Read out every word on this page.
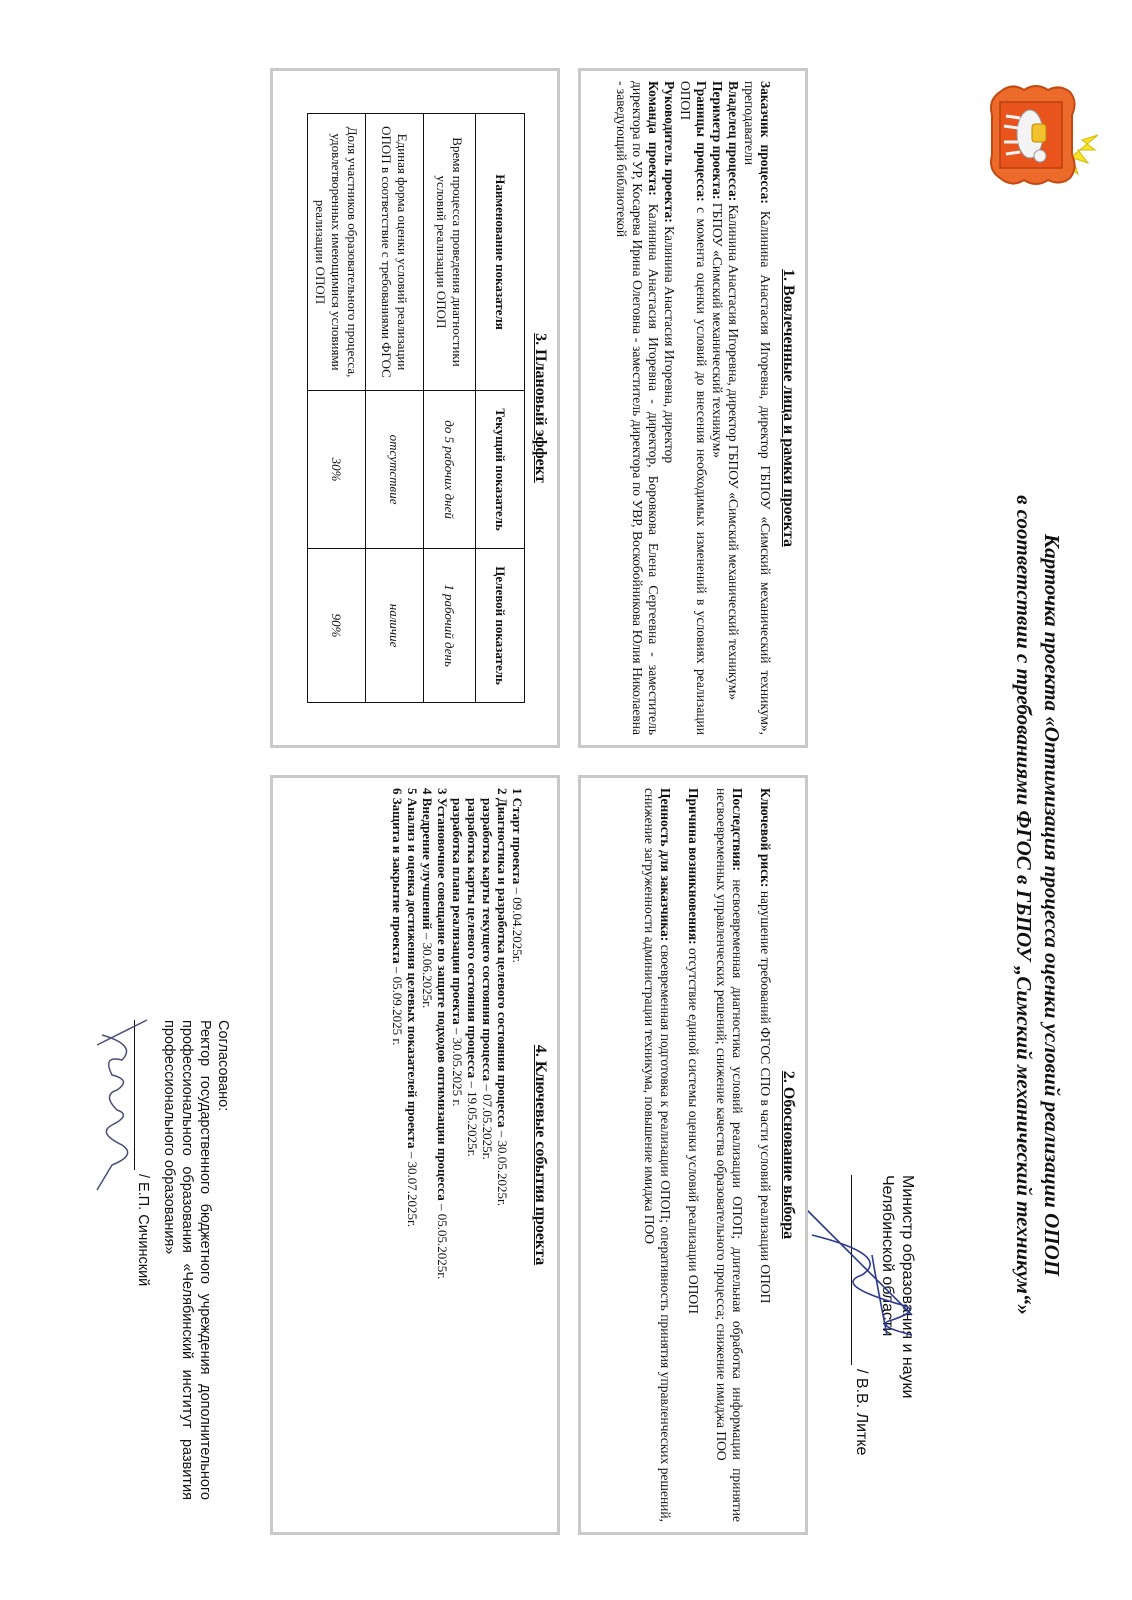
Карточка проекта «Оптимизация процесса оценки условий реализации ОПОП
в соответствии с требованиями ФГОС в ГБПОУ „Симский механический техникум“»
Министр образования и науки
Челябинской области
/ В.В. Литке
1. Вовлеченные лица и рамки проекта

Заказчик процесса: Калинина Анастасия Игоревна, директор ГБПОУ «Симский механический техникум», преподаватели

Владелец процесса: Калинина Анастасия Игоревна, директор ГБПОУ «Симский механический техникум»

Периметр проекта: ГБПОУ «Симский механический техникум»

Границы процесса: с момента оценки условий до внесения необходимых изменений в условиях реализации ОПОП

Руководитель проекта: Калинина Анастасия Игоревна, директор

Команда проекта: Калинина Анастасия Игоревна - директор, Боровкова Елена Сергеевна - заместитель директора по УР, Косарева Ирина Олеговна - заместитель директора по УВР, Воскобойникова Юлия Николаевна - заведующий библиотекой

2. Обоснование выбора

Ключевой риск: нарушение требований ФГОС СПО в части условий реализации ОПОП

Последствия: несвоевременная диагностика условий реализации ОПОП; длительная обработка информации принятие несвоевременных управленческих решений; снижение качества образовательного процесса; снижение имиджа ПОО

Причина возникновения: отсутствие единой системы оценки условий реализации ОПОП

Ценность для заказчика: своевременная подготовка к реализации ОПОП; оперативность принятия управленческих решений, снижение загруженности администрации техникума, повышение имиджа ПОО

3. Плановый эффект
Наименование показателя	Текущий показатель	Целевой показатель
Время процесса проведения диагностики условий реализации ОПОП	до 5 рабочих дней	1 рабочий день
Единая форма оценки условий реализации ОПОП в соответствие с требованиями ФГОС	отсутствие	наличие
Доля участников образовательного процесса, удовлетворенных имеющимися условиями реализации ОПОП	30%	90%
4. Ключевые события проекта

1 Старт проекта – 09.04.2025г.

2 Диагностика и разработка целевого состояния процесса – 30.05.2025г.

разработка карты текущего состояния процесса – 07.05.2025г.

разработка карты целевого состояния процесса – 19.05.2025г.

разработка плана реализации проекта – 30.05.2025 г.

3 Установочное совещание по защите подходов оптимизации процесса – 05.05.2025г.

4 Внедрение улучшений – 30.06.2025г.

5 Анализ и оценка достижения целевых показателей проекта – 30.07.2025г.

6 Защита и закрытие проекта – 05.09.2025 г.

Согласовано:
Ректор государственного бюджетного учреждения дополнительного профессионального образования «Челябинский институт развития профессионального образования»
/ Е.П. Сичинский
